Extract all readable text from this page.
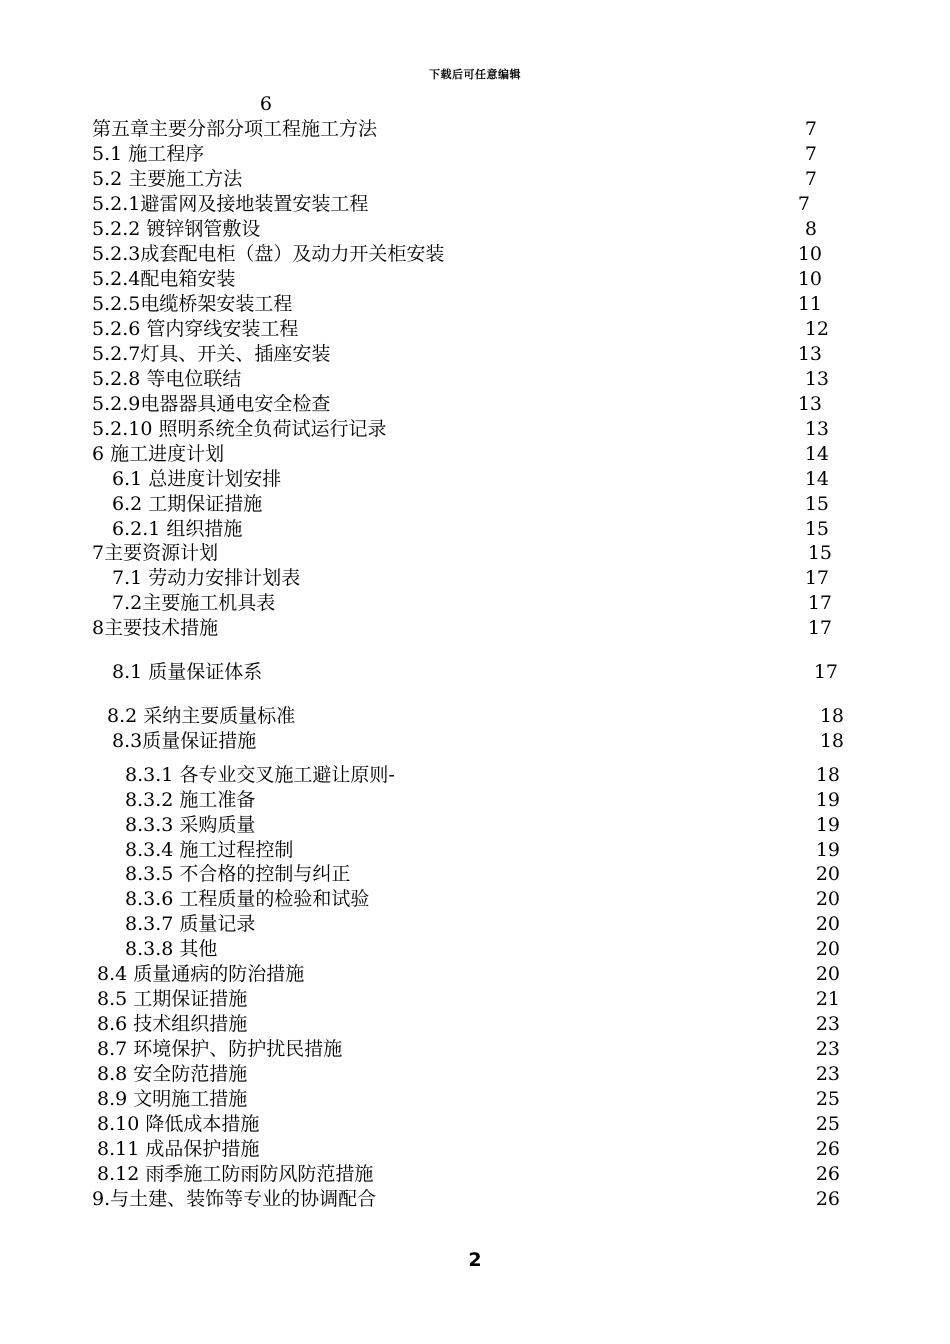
下载后可任意编辑
6
第五章主要分部分项工程施工方法	7
5.1 施工程序	7
5.2 主要施工方法	7
5.2.1避雷网及接地装置安装工程	7
5.2.2 镀锌钢管敷设	8
5.2.3成套配电柜（盘）及动力开关柜安装	10
5.2.4配电箱安装	10
5.2.5电缆桥架安装工程	11
5.2.6 管内穿线安装工程	12
5.2.7灯具、开关、插座安装	13
5.2.8 等电位联结	13
5.2.9电器器具通电安全检查	13
5.2.10 照明系统全负荷试运行记录	13
6 施工进度计划	14
6.1 总进度计划安排	14
6.2 工期保证措施	15
6.2.1 组织措施	15
7主要资源计划	15
7.1 劳动力安排计划表	17
7.2主要施工机具表	17
8主要技术措施	17
8.1 质量保证体系	17
8.2 采纳主要质量标准	18
8.3质量保证措施	18
8.3.1 各专业交叉施工避让原则-	18
8.3.2 施工准备	19
8.3.3 采购质量	19
8.3.4 施工过程控制	19
8.3.5 不合格的控制与纠正	20
8.3.6 工程质量的检验和试验	20
8.3.7 质量记录	20
8.3.8 其他	20
8.4 质量通病的防治措施	20
8.5 工期保证措施	21
8.6 技术组织措施	23
8.7 环境保护、防护扰民措施	23
8.8 安全防范措施	23
8.9 文明施工措施	25
8.10 降低成本措施	25
8.11 成品保护措施	26
8.12 雨季施工防雨防风防范措施	26
9.与土建、装饰等专业的协调配合	26
2
